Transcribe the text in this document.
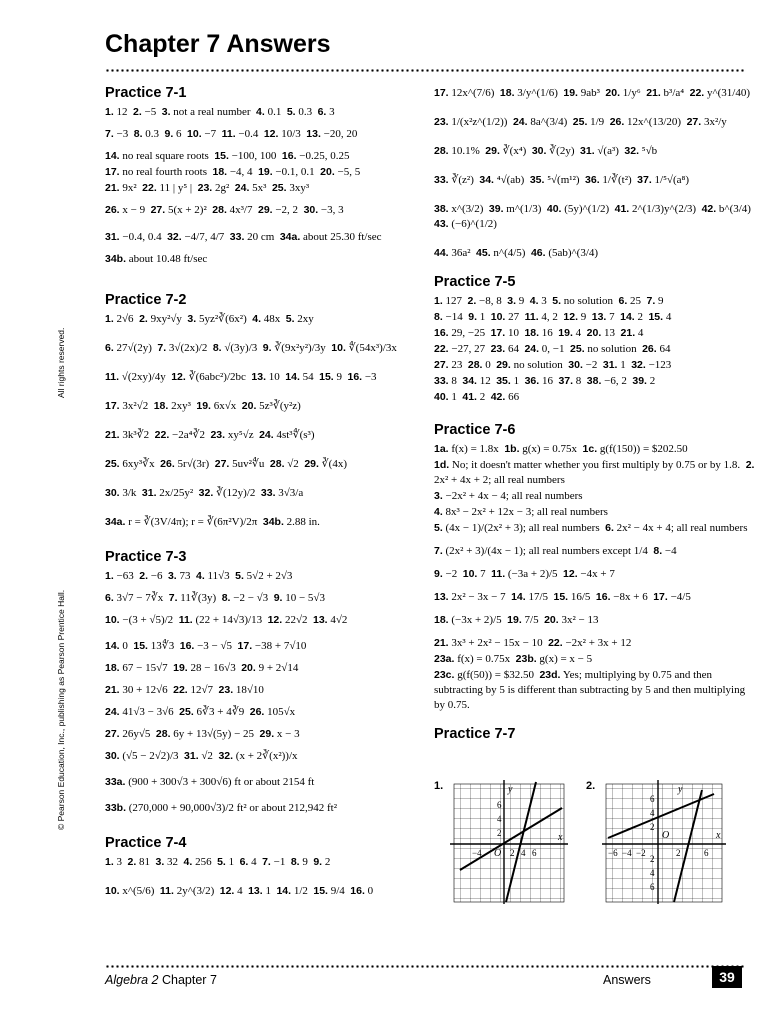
Chapter 7 Answers
© Pearson Education, Inc., publishing as Pearson Prentice Hall.
All rights reserved.
Practice 7-1
1. 12  2. −5  3. not a real number  4. 0.1  5. 0.3  6. 3
7. −3  8. 0.3  9. 6  10. −7  11. −0.4  12. 10/3  13. −20, 20
14. no real square roots  15. −100, 100  16. −0.25, 0.25
17. no real fourth roots  18. −4, 4  19. −0.1, 0.1  20. −5, 5
21. 9x²  22. 11 | y⁵ |  23. 2g²  24. 5x³  25. 3xy³
26. x − 9  27. 5(x + 2)²  28. 4x³/7  29. −2, 2  30. −3, 3
31. −0.4, 0.4  32. −4/7, 4/7  33. 20 cm  34a. about 25.30 ft/sec
34b. about 10.48 ft/sec
Practice 7-2
1. 2√6  2. 9xy²√y  3. 5yz²∛(6x²)  4. 48x  5. 2xy
6. 27√(2y)  7. 3√(2x)/2  8. √(3y)/3  9. ∛(9x²y²)/3y  10. ∜(54x³)/3x
11. √(2xy)/4y  12. ∛(6abc²)/2bc  13. 10  14. 54  15. 9  16. −3
17. 3x²√2  18. 2xy³  19. 6x√x  20. 5z³∛(y²z)
21. 3k³∛2  22. −2a⁴∛2  23. xy⁵√z  24. 4st³∜(s³)
25. 6xy³∛x  26. 5r√(3r)  27. 5uv²∜u  28. √2  29. ∛(4x)
30. 3/k  31. 2x/25y²  32. ∛(12y)/2  33. 3√3/a
34a. r = ∛(3V/4π); r = ∛(6π²V)/2π  34b. 2.88 in.
Practice 7-3
1. −63  2. −6  3. 73  4. 11√3  5. 5√2 + 2√3
6. 3√7 − 7∛x  7. 11∛(3y)  8. −2 − √3  9. 10 − 5√3
10. −(3 + √5)/2  11. (22 + 14√3)/13  12. 22√2  13. 4√2
14. 0  15. 13∜3  16. −3 − √5  17. −38 + 7√10
18. 67 − 15√7  19. 28 − 16√3  20. 9 + 2√14
21. 30 + 12√6  22. 12√7  23. 18√10
24. 41√3 − 3√6  25. 6∛3 + 4∛9  26. 105√x
27. 26y√5  28. 6y + 13√(5y) − 25  29. x − 3
30. (√5 − 2√2)/3  31. √2  32. (x + 2∛(x²))/x
33a. (900 + 300√3 + 300√6) ft or about 2154 ft
33b. (270,000 + 90,000√3)/2 ft² or about 212,942 ft²
Practice 7-4
1. 3  2. 81  3. 32  4. 256  5. 1  6. 4  7. −1  8. 9  9. 2
10. x^(5/6)  11. 2y^(3/2)  12. 4  13. 1  14. 1/2  15. 9/4  16. 0
17. 12x^(7/6)  18. 3/y^(1/6)  19. 9ab³  20. 1/y⁶  21. b³/a⁴  22. y^(31/40)
23. 1/(x²z^(1/2))  24. 8a^(3/4)  25. 1/9  26. 12x^(13/20)  27. 3x²/y
28. 10.1%  29. ∛(x⁴)  30. ∛(2y)  31. √(a³)  32. ⁵√b
33. ∛(z²)  34. ⁴√(ab)  35. ⁵√(m¹²)  36. 1/∛(t²)  37. 1/⁵√(a⁸)
38. x^(3/2)  39. m^(1/3)  40. (5y)^(1/2)  41. 2^(1/3)y^(2/3)  42. b^(3/4)  43. (−6)^(1/2)
44. 36a²  45. n^(4/5)  46. (5ab)^(3/4)
Practice 7-5
1. 127  2. −8, 8  3. 9  4. 3  5. no solution  6. 25  7. 9
8. −14  9. 1  10. 27  11. 4, 2  12. 9  13. 7  14. 2  15. 4
16. 29, −25  17. 10  18. 16  19. 4  20. 13  21. 4
22. −27, 27  23. 64  24. 0, −1  25. no solution  26. 64
27. 23  28. 0  29. no solution  30. −2  31. 1  32. −123
33. 8  34. 12  35. 1  36. 16  37. 8  38. −6, 2  39. 2
40. 1  41. 2  42. 66
Practice 7-6
1a. f(x) = 1.8x  1b. g(x) = 0.75x  1c. g(f(150)) = $202.50
1d. No; it doesn't matter whether you first multiply by 0.75 or by 1.8.  2. 2x² + 4x + 2; all real numbers
3. −2x² + 4x − 4; all real numbers
4. 8x³ − 2x² + 12x − 3; all real numbers
5. (4x − 1)/(2x² + 3); all real numbers  6. 2x² − 4x + 4; all real numbers
7. (2x² + 3)/(4x − 1); all real numbers except 1/4  8. −4
9. −2  10. 7  11. (−3a + 2)/5  12. −4x + 7
13. 2x² − 3x − 7  14. 17/5  15. 16/5  16. −8x + 6  17. −4/5
18. (−3x + 2)/5  19. 7/5  20. 3x² − 13
21. 3x³ + 2x² − 15x − 10  22. −2x² + 3x + 12
23a. f(x) = 0.75x  23b. g(x) = x − 5
23c. g(f(50)) = $32.50  23d. Yes; multiplying by 0.75 and then subtracting by 5 is different than subtracting by 5 and then multiplying by 0.75.
Practice 7-7
1.	y
x
O
6
4
2
−4	2 4 6
2.	y
x
O
6
4
2
2
4
6
−6 −4 −2	2	6
Algebra 2 Chapter 7	Answers	39
